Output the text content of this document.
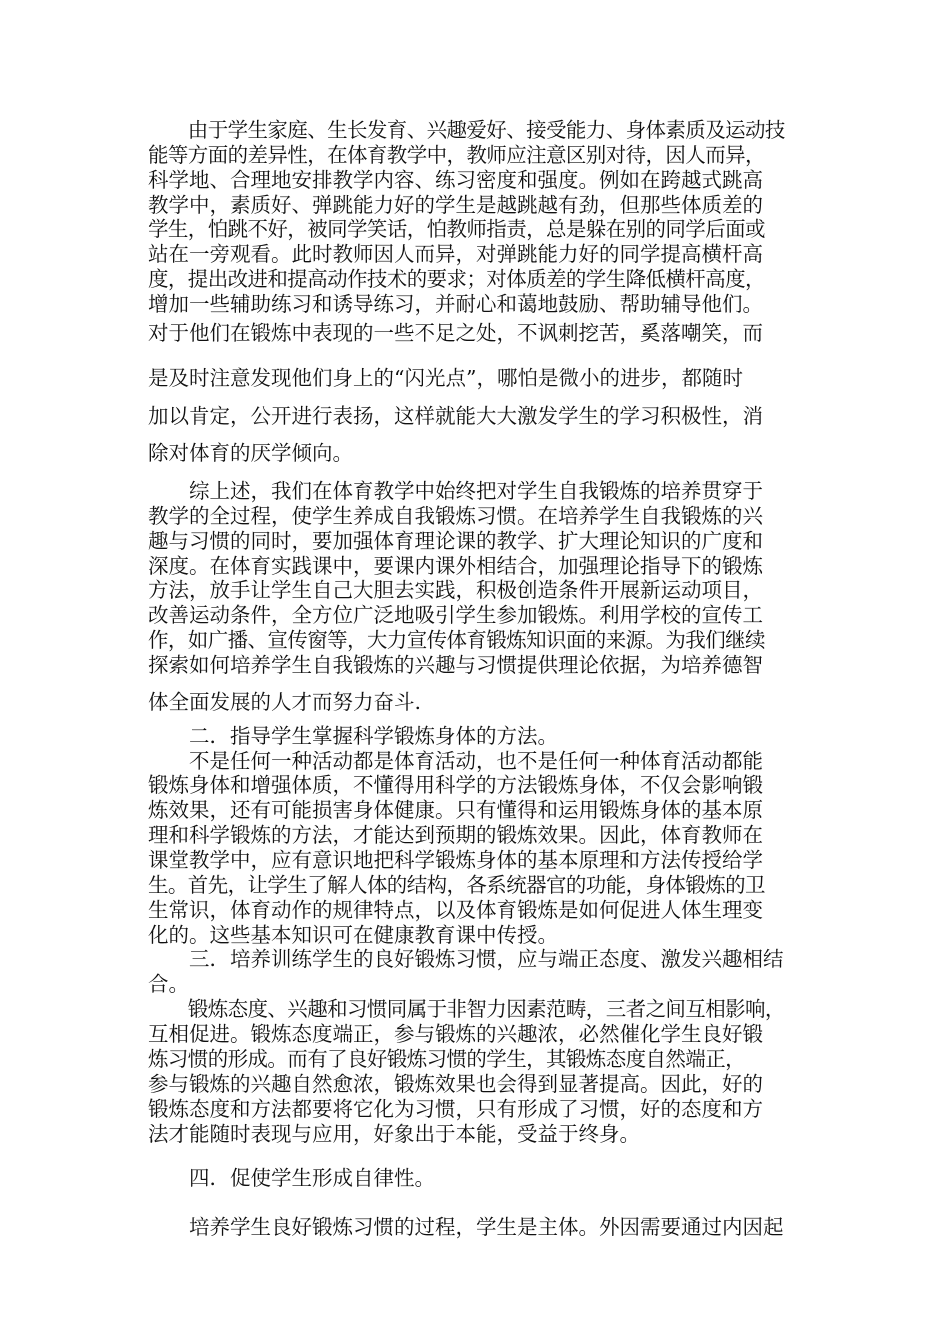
　　由于学生家庭、生长发育、兴趣爱好、接受能力、身体素质及运动技
能等方面的差异性，在体育教学中，教师应注意区别对待，因人而异，
科学地、合理地安排教学内容、练习密度和强度。例如在跨越式跳高
教学中，素质好、弹跳能力好的学生是越跳越有劲，但那些体质差的
学生，怕跳不好，被同学笑话，怕教师指责，总是躲在别的同学后面或
站在一旁观看。此时教师因人而异，对弹跳能力好的同学提高横杆高
度，提出改进和提高动作技术的要求；对体质差的学生降低横杆高度，
增加一些辅助练习和诱导练习，并耐心和蔼地鼓励、帮助辅导他们。
对于他们在锻炼中表现的一些不足之处，不讽刺挖苦，奚落嘲笑，而
是及时注意发现他们身上的“闪光点”，哪怕是微小的进步，都随时
加以肯定，公开进行表扬，这样就能大大激发学生的学习积极性，消
除对体育的厌学倾向。
　　综上述，我们在体育教学中始终把对学生自我锻炼的培养贯穿于
教学的全过程，使学生养成自我锻炼习惯。在培养学生自我锻炼的兴
趣与习惯的同时，要加强体育理论课的教学、扩大理论知识的广度和
深度。在体育实践课中，要课内课外相结合，加强理论指导下的锻炼
方法，放手让学生自己大胆去实践，积极创造条件开展新运动项目，
改善运动条件，全方位广泛地吸引学生参加锻炼。利用学校的宣传工
作，如广播、宣传窗等，大力宣传体育锻炼知识面的来源。为我们继续
探索如何培养学生自我锻炼的兴趣与习惯提供理论依据，为培养德智
体全面发展的人才而努力奋斗.
　　二．指导学生掌握科学锻炼身体的方法。
　　不是任何一种活动都是体育活动，也不是任何一种体育活动都能
锻炼身体和增强体质，不懂得用科学的方法锻炼身体，不仅会影响锻
炼效果，还有可能损害身体健康。只有懂得和运用锻炼身体的基本原
理和科学锻炼的方法，才能达到预期的锻炼效果。因此，体育教师在
课堂教学中，应有意识地把科学锻炼身体的基本原理和方法传授给学
生。首先，让学生了解人体的结构，各系统器官的功能，身体锻炼的卫
生常识，体育动作的规律特点，以及体育锻炼是如何促进人体生理变
化的。这些基本知识可在健康教育课中传授。
　　三．培养训练学生的良好锻炼习惯，应与端正态度、激发兴趣相结
合。
　　锻炼态度、兴趣和习惯同属于非智力因素范畴，三者之间互相影响，
互相促进。锻炼态度端正，参与锻炼的兴趣浓，必然催化学生良好锻
炼习惯的形成。而有了良好锻炼习惯的学生，其锻炼态度自然端正，
参与锻炼的兴趣自然愈浓，锻炼效果也会得到显著提高。因此，好的
锻炼态度和方法都要将它化为习惯，只有形成了习惯，好的态度和方
法才能随时表现与应用，好象出于本能，受益于终身。
　　四．促使学生形成自律性。
　　培养学生良好锻炼习惯的过程，学生是主体。外因需要通过内因起
